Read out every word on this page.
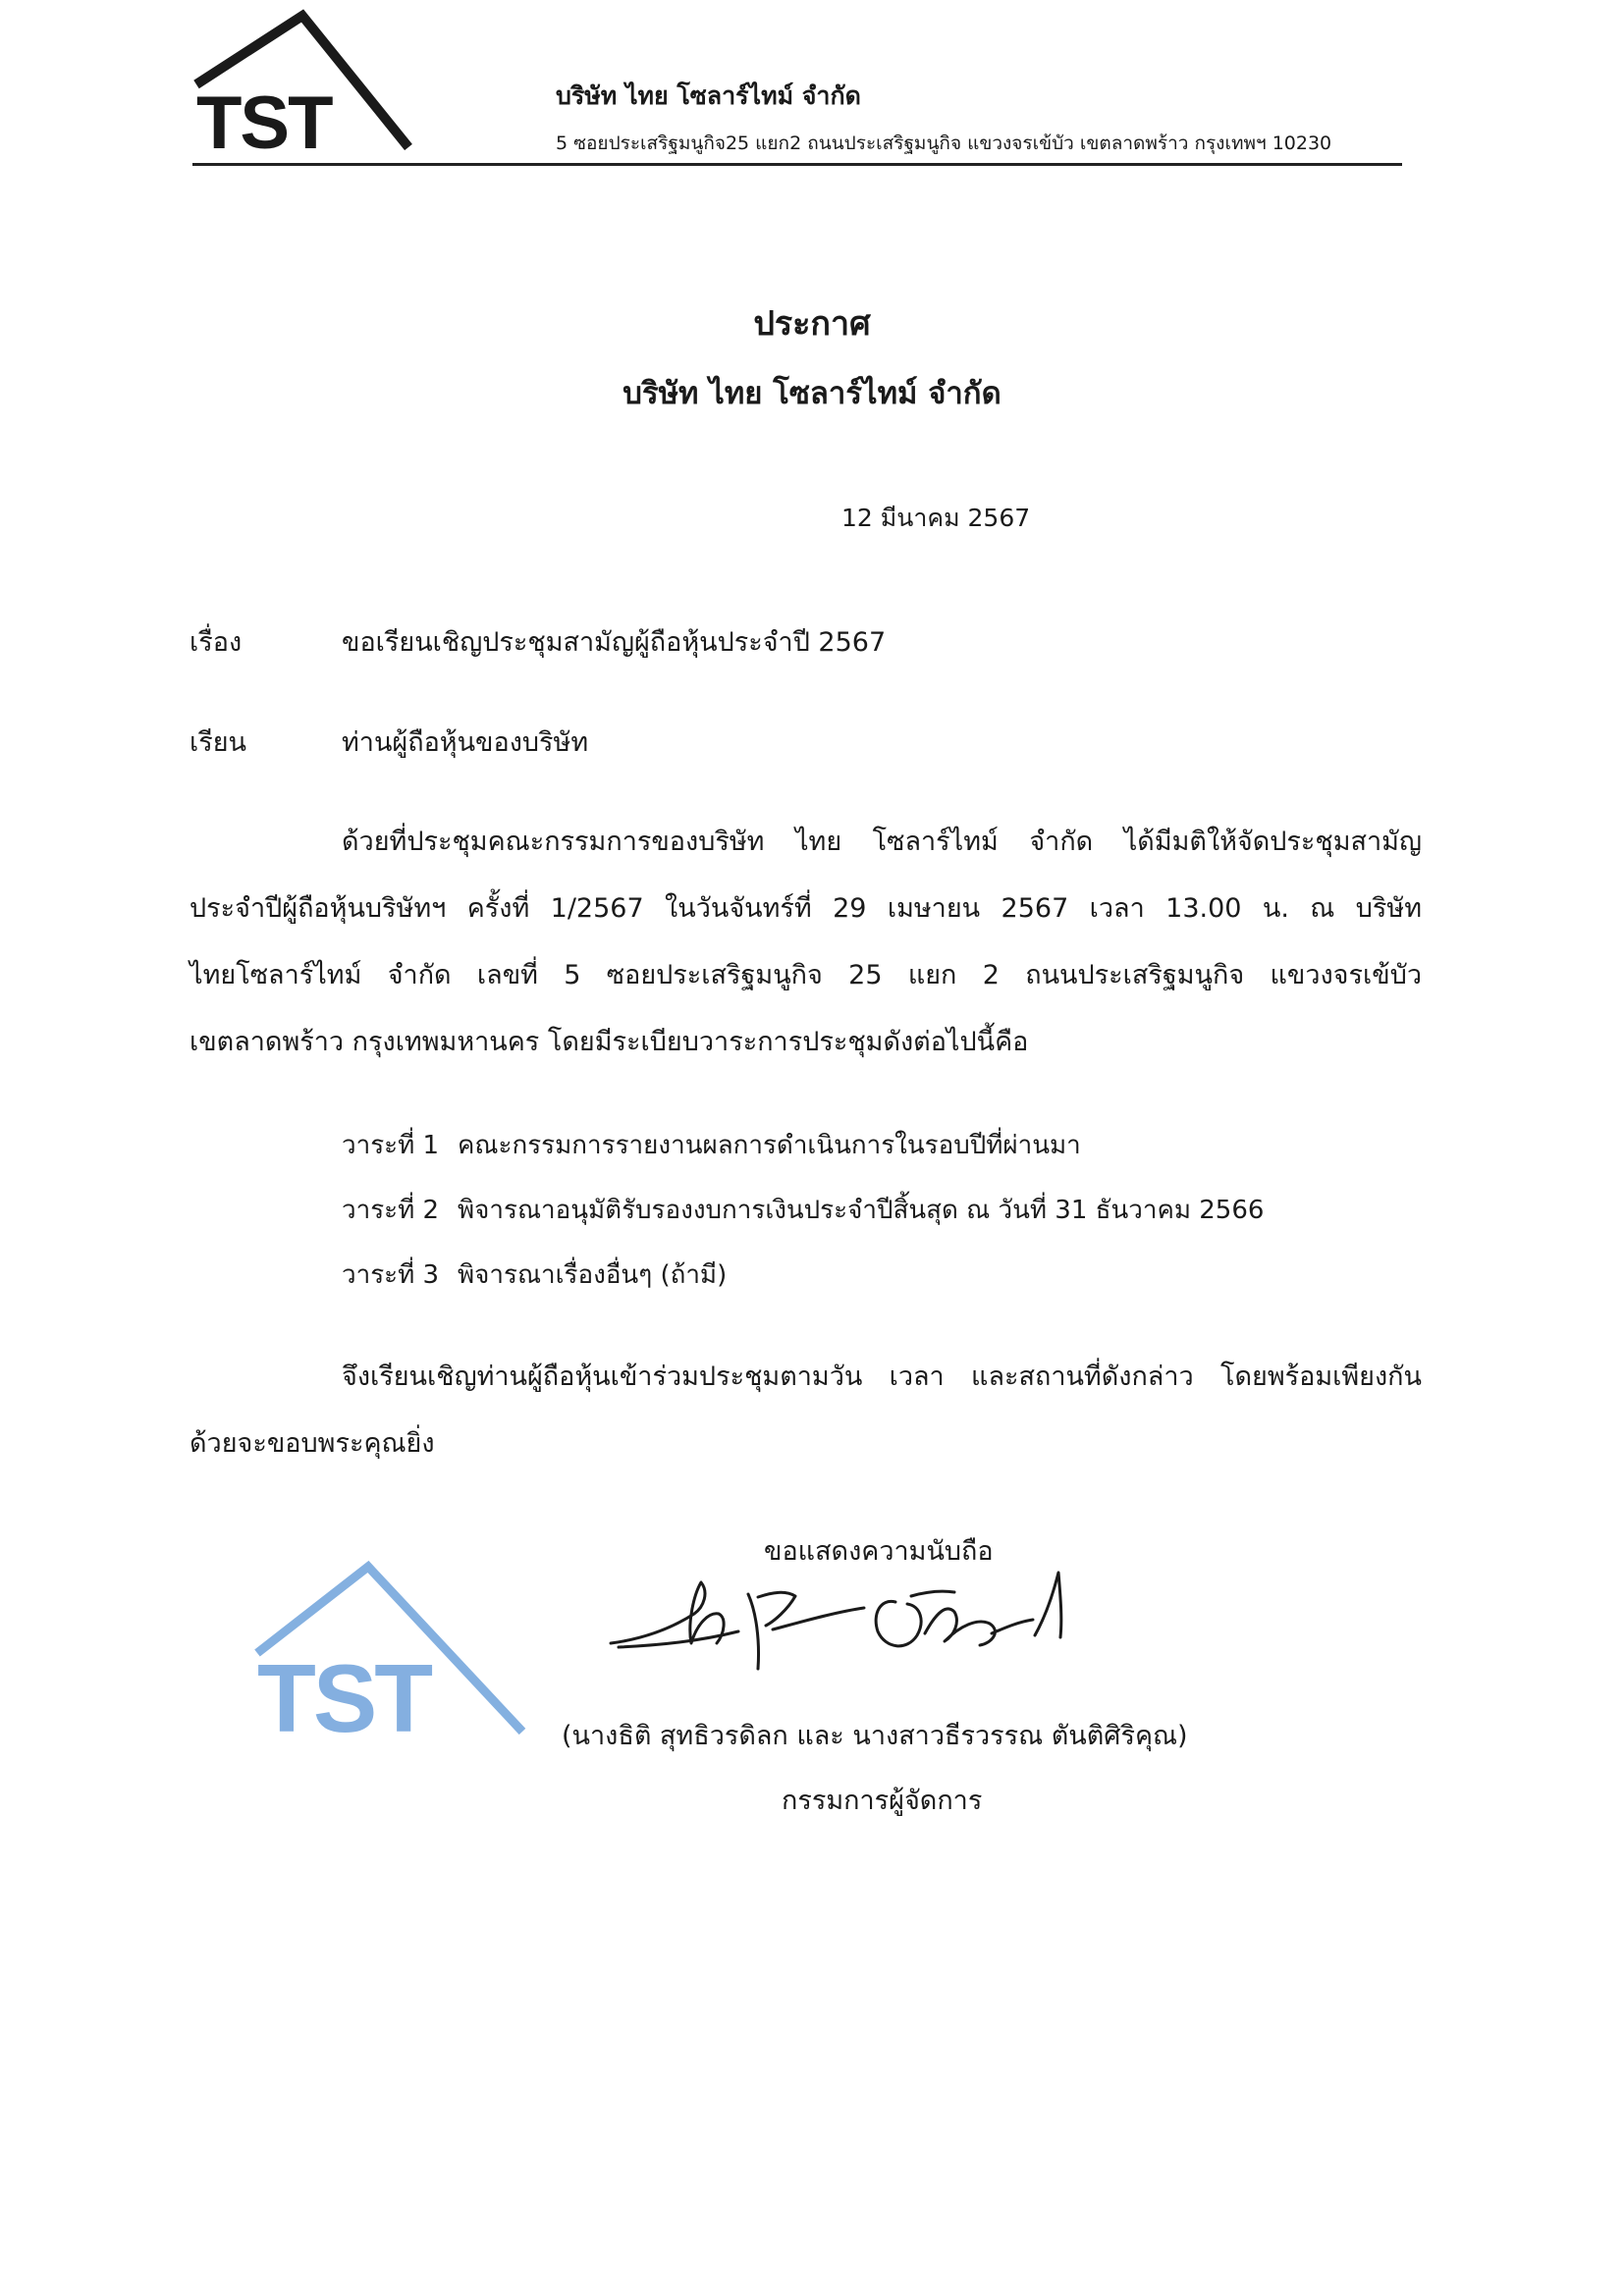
TST	บริษัท ไทย โซลาร์ไทม์ จำกัด
5 ซอยประเสริฐมนูกิจ25 แยก2 ถนนประเสริฐมนูกิจ แขวงจรเข้บัว เขตลาดพร้าว กรุงเทพฯ 10230
ประกาศ
บริษัท ไทย โซลาร์ไทม์ จำกัด
12 มีนาคม 2567
เรื่อง	ขอเรียนเชิญประชุมสามัญผู้ถือหุ้นประจำปี 2567
เรียน	ท่านผู้ถือหุ้นของบริษัท
ด้วยที่ประชุมคณะกรรมการของบริษัท ไทย โซลาร์ไทม์ จำกัด ได้มีมติให้จัดประชุมสามัญ
ประจำปีผู้ถือหุ้นบริษัทฯ ครั้งที่ 1/2567 ในวันจันทร์ที่ 29 เมษายน 2567 เวลา 13.00 น. ณ บริษัท
ไทยโซลาร์ไทม์ จำกัด เลขที่ 5 ซอยประเสริฐมนูกิจ 25 แยก 2 ถนนประเสริฐมนูกิจ แขวงจรเข้บัว
เขตลาดพร้าว กรุงเทพมหานคร โดยมีระเบียบวาระการประชุมดังต่อไปนี้คือ
วาระที่ 1 คณะกรรมการรายงานผลการดำเนินการในรอบปีที่ผ่านมา
วาระที่ 2 พิจารณาอนุมัติรับรองงบการเงินประจำปีสิ้นสุด ณ วันที่ 31 ธันวาคม 2566
วาระที่ 3 พิจารณาเรื่องอื่นๆ (ถ้ามี)
จึงเรียนเชิญท่านผู้ถือหุ้นเข้าร่วมประชุมตามวัน เวลา และสถานที่ดังกล่าว โดยพร้อมเพียงกัน
ด้วยจะขอบพระคุณยิ่ง
ขอแสดงความนับถือ
TST	(นางธิติ สุทธิวรดิลก และ นางสาวธีรวรรณ ตันติศิริคุณ)
กรรมการผู้จัดการ
